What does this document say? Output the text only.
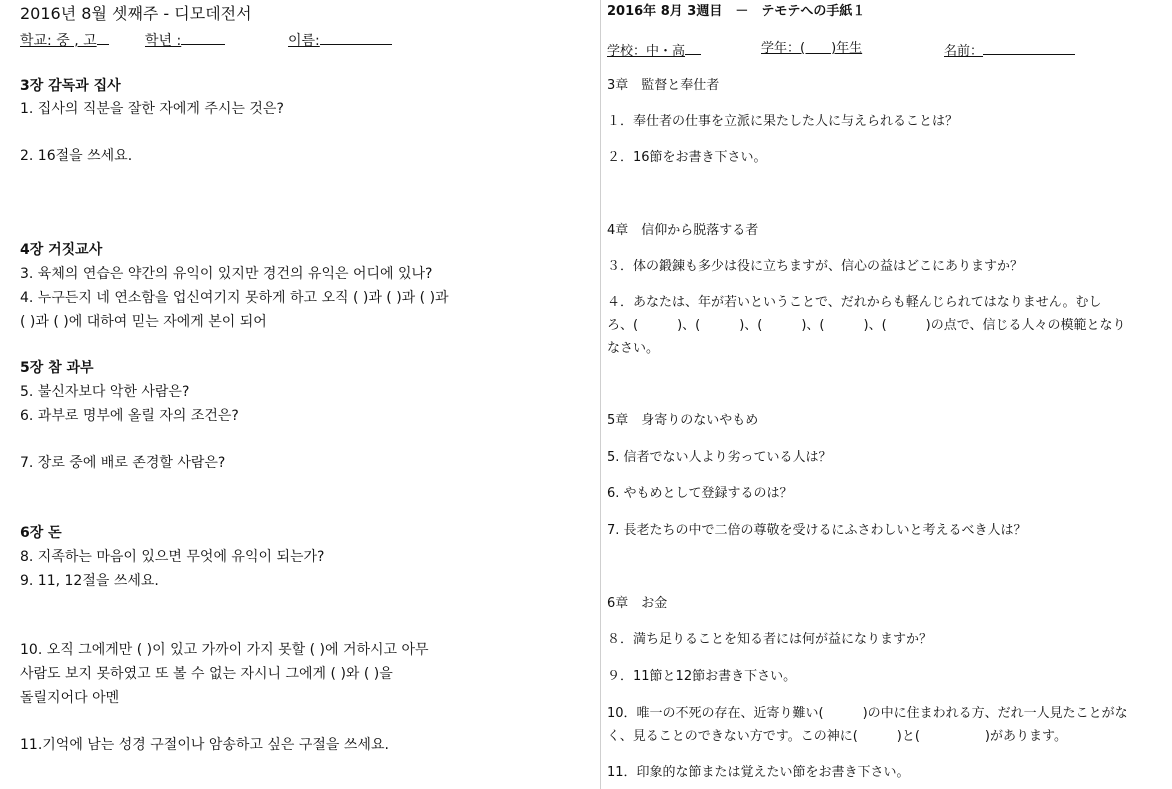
2016년 8월 셋째주 - 디모데전서
학교: 중 , 고	학년 :	이름:
3장 감독과 집사
1. 집사의 직분을 잘한 자에게 주시는 것은?
2. 16절을 쓰세요.
4장 거짓교사
3. 육체의 연습은 약간의 유익이 있지만 경건의 유익은 어디에 있나?
4. 누구든지 네 연소함을 업신여기지 못하게 하고 오직 ( )과 ( )과 ( )과
( )과 ( )에 대하여 믿는 자에게 본이 되어
5장 참 과부
5. 불신자보다 악한 사람은?
6. 과부로 명부에 올릴 자의 조건은?
7. 장로 중에 배로 존경할 사람은?
6장 돈
8. 지족하는 마음이 있으면 무엇에 유익이 되는가?
9. 11, 12절을 쓰세요.
10. 오직 그에게만 ( )이 있고 가까이 가지 못할 ( )에 거하시고 아무
사람도 보지 못하였고 또 볼 수 없는 자시니 그에게 ( )와 ( )을
돌릴지어다 아멘
11.기억에 남는 성경 구절이나 암송하고 싶은 구절을 쓰세요.
2016年 8月 3週目　－　テモテへの手紙１
学校：中・高	学年：(　　)年生	名前：
3章　監督と奉仕者
１．奉仕者の仕事を立派に果たした人に与えられることは？
２．16節をお書き下さい。
4章　信仰から脱落する者
３．体の鍛錬も多少は役に立ちますが、信心の益はどこにありますか？
４．あなたは、年が若いということで、だれからも軽んじられてはなりません。むし
ろ、(　　　)、(　　　)、(　　　)、(　　　)、(　　　)の点で、信じる人々の模範となり
なさい。
5章　身寄りのないやもめ
5. 信者でない人より劣っている人は？
6. やもめとして登録するのは？
7. 長老たちの中で二倍の尊敬を受けるにふさわしいと考えるべき人は？
6章　お金
８．満ち足りることを知る者には何が益になりますか？
９．11節と12節お書き下さい。
10．唯一の不死の存在、近寄り難い(　　　)の中に住まわれる方、だれ一人見たことがな
く、見ることのできない方です。この神に(　　　)と(　　　　　)があります。
11．印象的な節または覚えたい節をお書き下さい。
